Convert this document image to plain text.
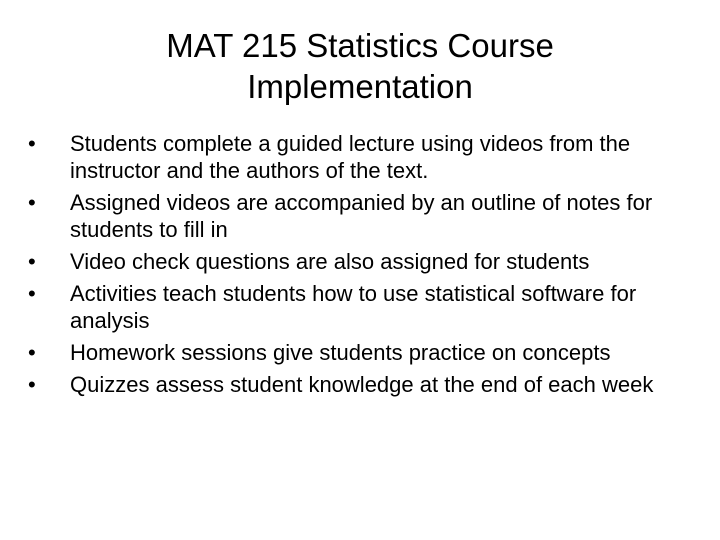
MAT 215 Statistics Course
Implementation
•	Students complete a guided lecture using videos from the instructor and the authors of the text.
•	Assigned videos are accompanied by an outline of notes for students to fill in
•	Video check questions are also assigned for students
•	Activities teach students how to use statistical software for analysis
•	Homework sessions give students practice on concepts
•	Quizzes assess student knowledge at the end of each week
